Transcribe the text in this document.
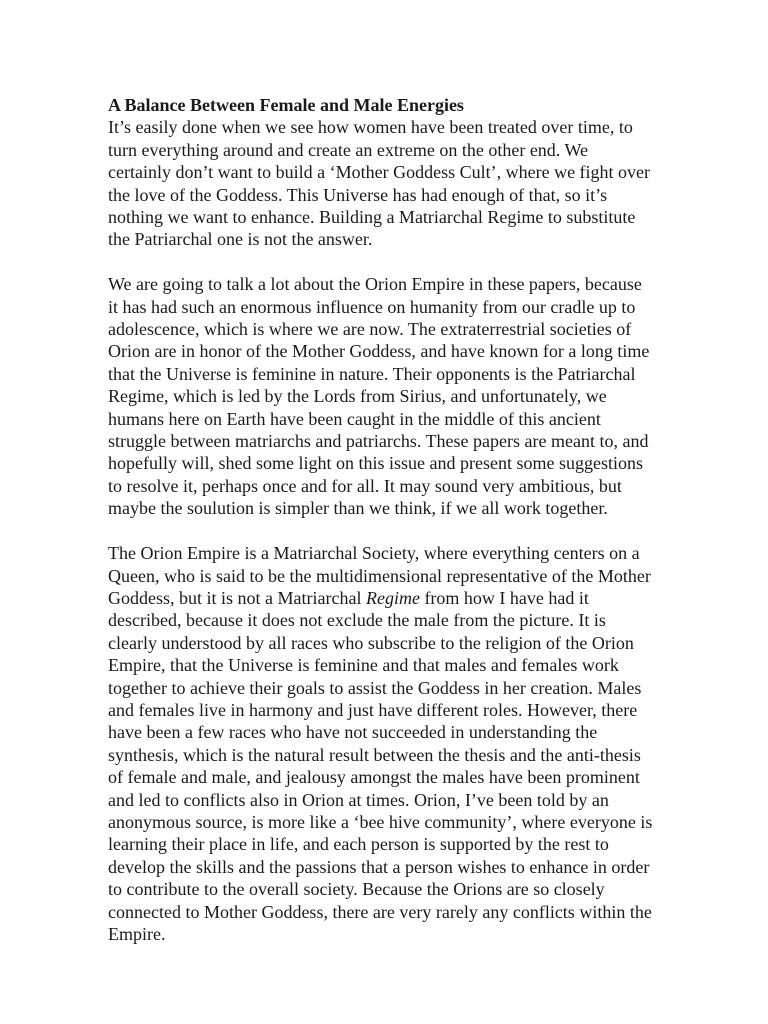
A Balance Between Female and Male Energies
It’s easily done when we see how women have been treated over time, to
turn everything around and create an extreme on the other end. We
certainly don’t want to build a ‘Mother Goddess Cult’, where we fight over
the love of the Goddess. This Universe has had enough of that, so it’s
nothing we want to enhance. Building a Matriarchal Regime to substitute
the Patriarchal one is not the answer.
We are going to talk a lot about the Orion Empire in these papers, because
it has had such an enormous influence on humanity from our cradle up to
adolescence, which is where we are now. The extraterrestrial societies of
Orion are in honor of the Mother Goddess, and have known for a long time
that the Universe is feminine in nature. Their opponents is the Patriarchal
Regime, which is led by the Lords from Sirius, and unfortunately, we
humans here on Earth have been caught in the middle of this ancient
struggle between matriarchs and patriarchs. These papers are meant to, and
hopefully will, shed some light on this issue and present some suggestions
to resolve it, perhaps once and for all. It may sound very ambitious, but
maybe the soulution is simpler than we think, if we all work together.
The Orion Empire is a Matriarchal Society, where everything centers on a
Queen, who is said to be the multidimensional representative of the Mother
Goddess, but it is not a Matriarchal Regime from how I have had it
described, because it does not exclude the male from the picture. It is
clearly understood by all races who subscribe to the religion of the Orion
Empire, that the Universe is feminine and that males and females work
together to achieve their goals to assist the Goddess in her creation. Males
and females live in harmony and just have different roles. However, there
have been a few races who have not succeeded in understanding the
synthesis, which is the natural result between the thesis and the anti-thesis
of female and male, and jealousy amongst the males have been prominent
and led to conflicts also in Orion at times. Orion, I’ve been told by an
anonymous source, is more like a ‘bee hive community’, where everyone is
learning their place in life, and each person is supported by the rest to
develop the skills and the passions that a person wishes to enhance in order
to contribute to the overall society. Because the Orions are so closely
connected to Mother Goddess, there are very rarely any conflicts within the
Empire.
